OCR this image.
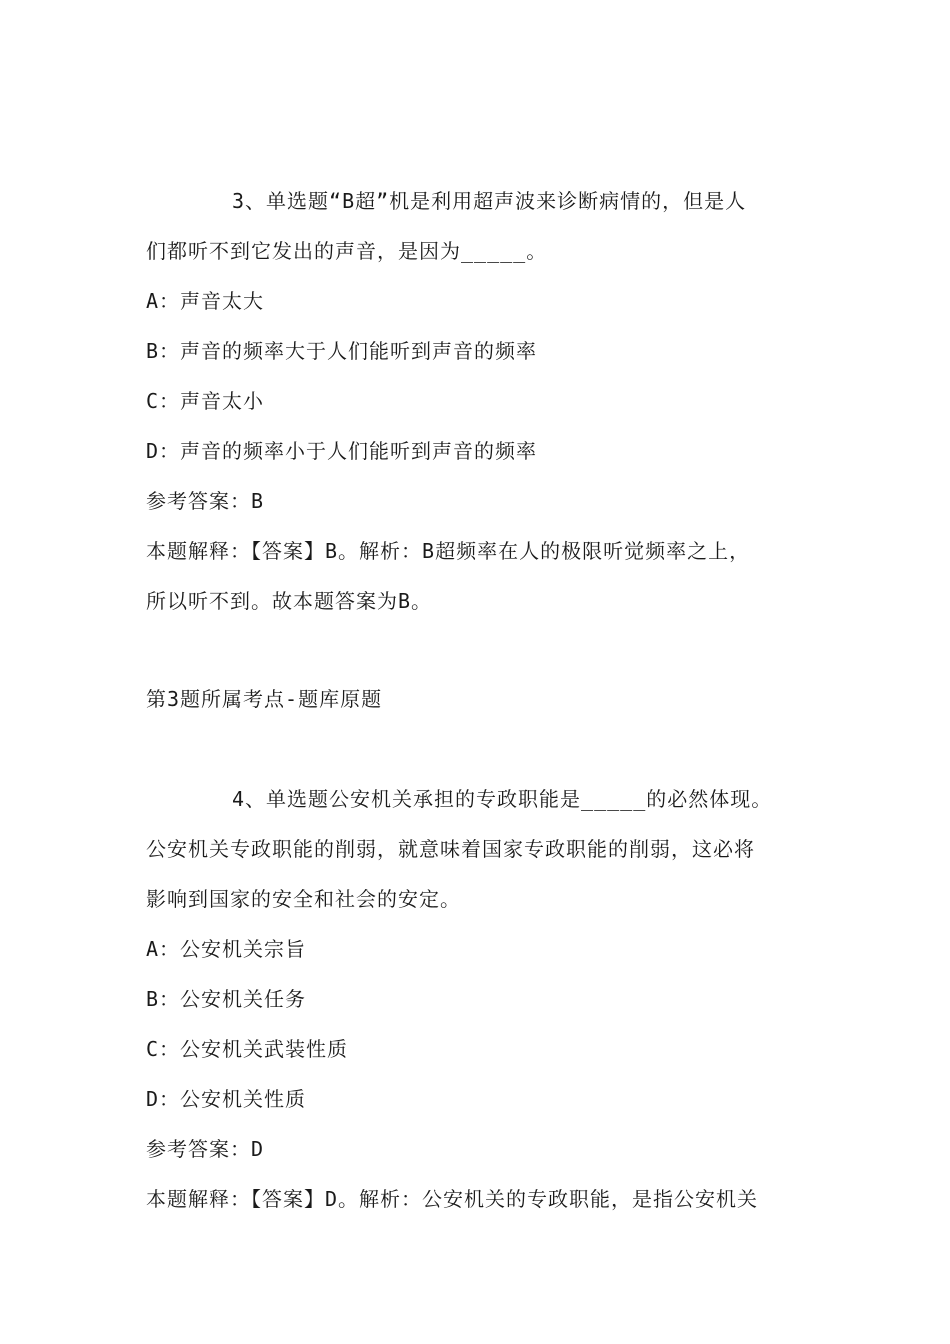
3、单选题“B超”机是利用超声波来诊断病情的，但是人
们都听不到它发出的声音，是因为_____。
A：声音太大
B：声音的频率大于人们能听到声音的频率
C：声音太小
D：声音的频率小于人们能听到声音的频率
参考答案：B
本题解释：【答案】B。解析：B超频率在人的极限听觉频率之上，
所以听不到。故本题答案为B。
第3题所属考点-题库原题
4、单选题公安机关承担的专政职能是_____的必然体现。
公安机关专政职能的削弱，就意味着国家专政职能的削弱，这必将
影响到国家的安全和社会的安定。
A：公安机关宗旨
B：公安机关任务
C：公安机关武装性质
D：公安机关性质
参考答案：D
本题解释：【答案】D。解析：公安机关的专政职能，是指公安机关
